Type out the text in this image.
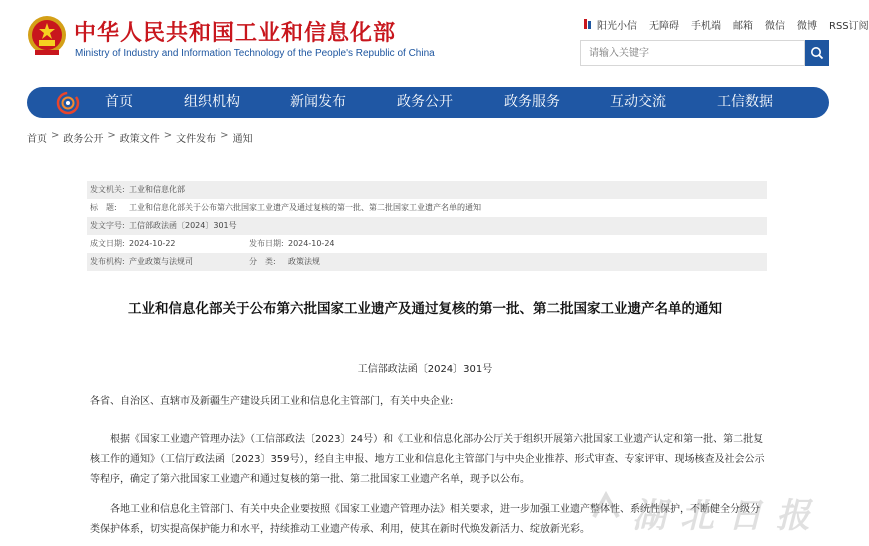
中华人民共和国工业和信息化部
Ministry of Industry and Information Technology of the People's Republic of China
阳光小信 无障碍 手机端 邮箱 微信 微博 RSS订阅
请输入关键字
首页	组织机构	新闻发布	政务公开	政务服务	互动交流	工信数据
首页 > 政务公开 > 政策文件 > 文件发布 > 通知
发文机关: 工业和信息化部
标　题: 工业和信息化部关于公布第六批国家工业遗产及通过复核的第一批、第二批国家工业遗产名单的通知
发文字号: 工信部政法函〔2024〕301号
成文日期: 2024-10-22	发布日期: 2024-10-24
发布机构: 产业政策与法规司	分　类: 政策法规
工业和信息化部关于公布第六批国家工业遗产及通过复核的第一批、第二批国家工业遗产名单的通知
工信部政法函〔2024〕301号
各省、自治区、直辖市及新疆生产建设兵团工业和信息化主管部门，有关中央企业:
根据《国家工业遗产管理办法》（工信部政法〔2023〕24号）和《工业和信息化部办公厅关于组织开展第六批国家工业遗产认定和第一批、第二批复
核工作的通知》（工信厅政法函〔2023〕359号），经自主申报、地方工业和信息化主管部门与中央企业推荐、形式审查、专家评审、现场核查及社会公示
等程序，确定了第六批国家工业遗产和通过复核的第一批、第二批国家工业遗产名单，现予以公布。
各地工业和信息化主管部门、有关中央企业要按照《国家工业遗产管理办法》相关要求，进一步加强工业遗产整体性、系统性保护，不断健全分级分
类保护体系，切实提高保护能力和水平，持续推动工业遗产传承、利用，使其在新时代焕发新活力、绽放新光彩。	湖北日报
